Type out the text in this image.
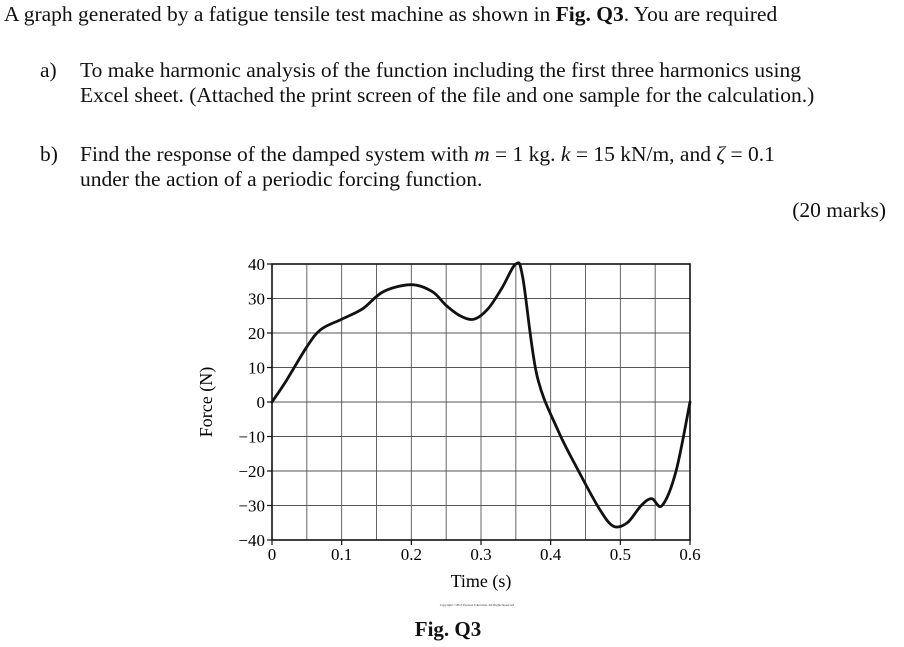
A graph generated by a fatigue tensile test machine as shown in Fig. Q3. You are required
a)	To make harmonic analysis of the function including the first three harmonics using
Excel sheet. (Attached the print screen of the file and one sample for the calculation.)
b)	Find the response of the damped system with m = 1 kg. k = 15 kN/m, and ζ = 0.1
under the action of a periodic forcing function.
(20 marks)
40
30
20
10
0
−10
−20
−30
−40
0	0.1	0.2	0.3	0.4	0.5	0.6
Time (s)
Force (N)
Copyright ©2017 Pearson Education, All Rights Reserved
Fig. Q3
